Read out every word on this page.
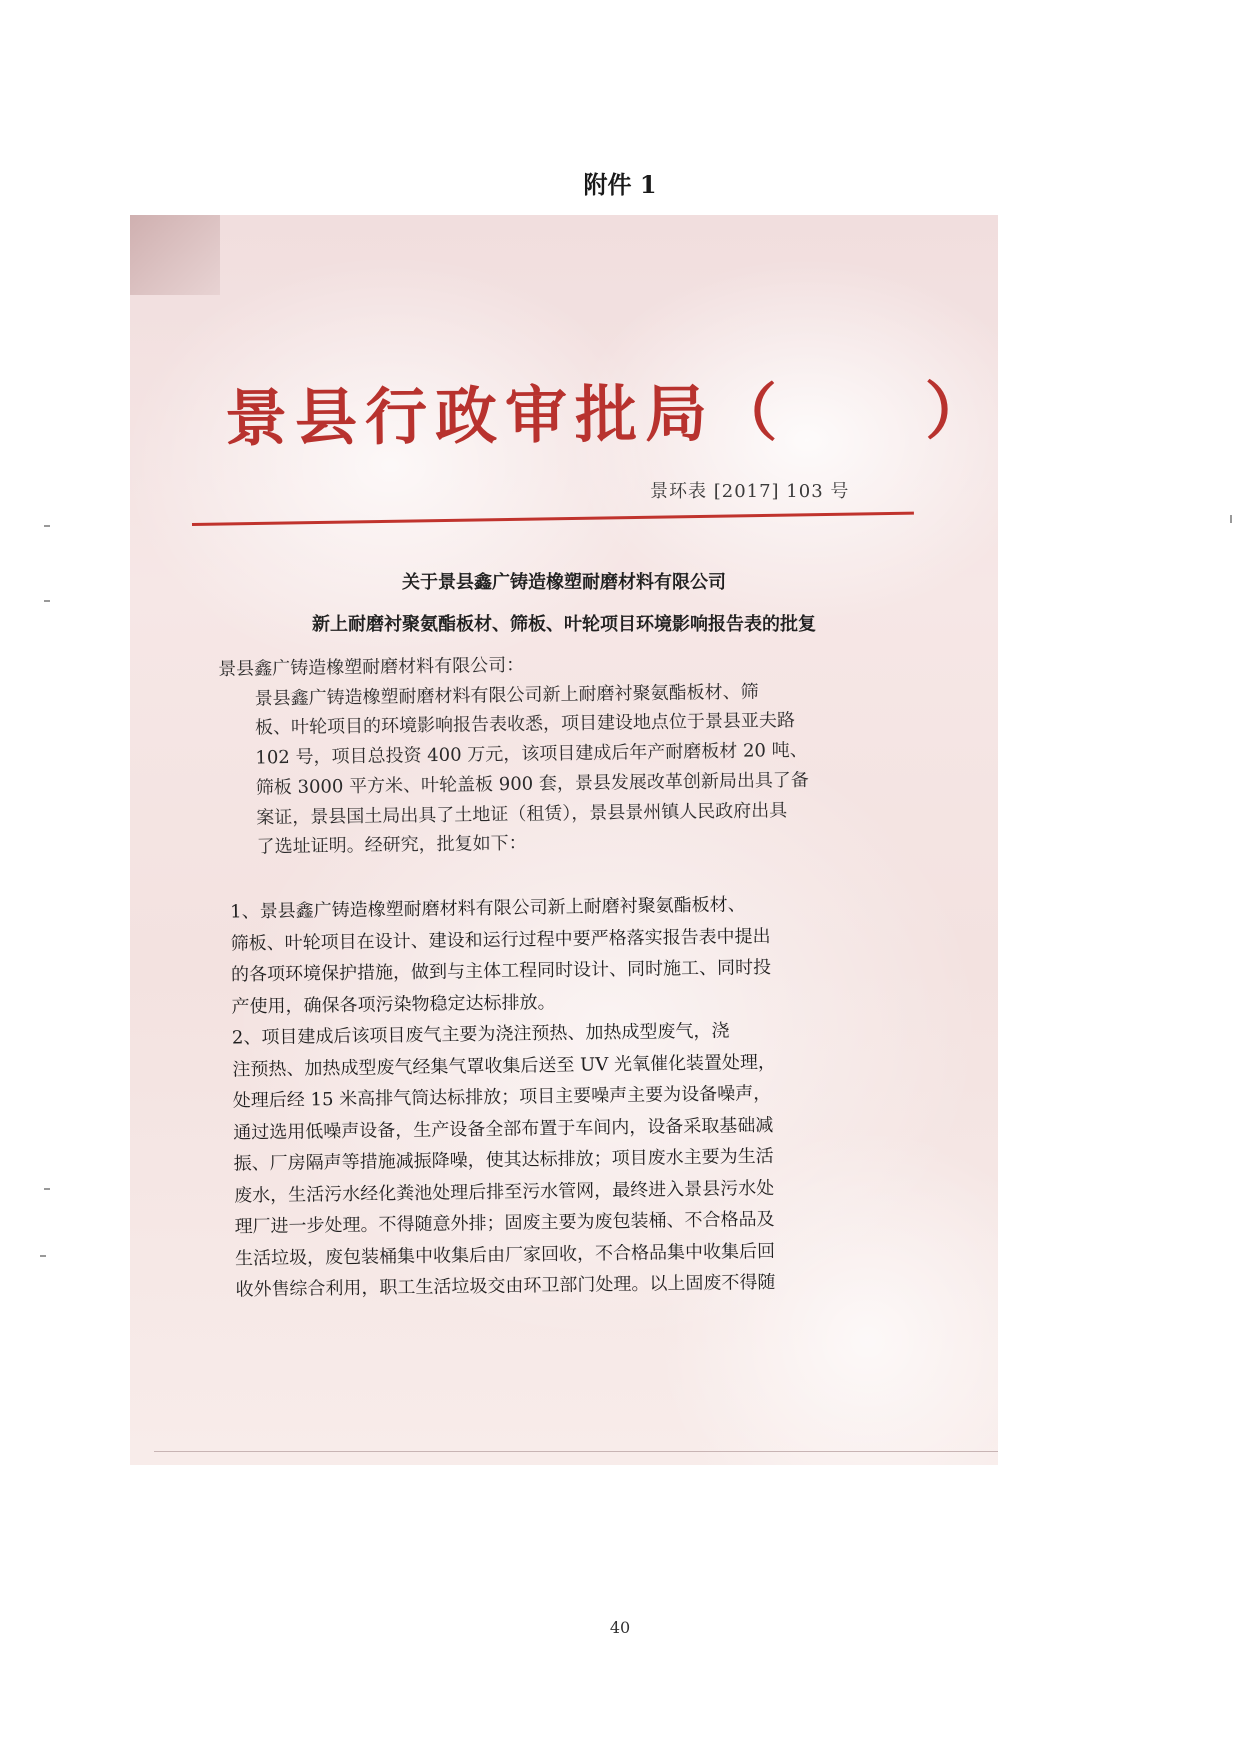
附件 1
景县行政审批局（　　）
景环表 [2017] 103 号
关于景县鑫广铸造橡塑耐磨材料有限公司
新上耐磨衬聚氨酯板材、筛板、叶轮项目环境影响报告表的批复

景县鑫广铸造橡塑耐磨材料有限公司：

景县鑫广铸造橡塑耐磨材料有限公司新上耐磨衬聚氨酯板材、筛
板、叶轮项目的环境影响报告表收悉，项目建设地点位于景县亚夫路
102 号，项目总投资 400 万元，该项目建成后年产耐磨板材 20 吨、
筛板 3000 平方米、叶轮盖板 900 套，景县发展改革创新局出具了备
案证，景县国土局出具了土地证（租赁），景县景州镇人民政府出具
了选址证明。经研究，批复如下：

1、景县鑫广铸造橡塑耐磨材料有限公司新上耐磨衬聚氨酯板材、
筛板、叶轮项目在设计、建设和运行过程中要严格落实报告表中提出
的各项环境保护措施，做到与主体工程同时设计、同时施工、同时投
产使用，确保各项污染物稳定达标排放。

2、项目建成后该项目废气主要为浇注预热、加热成型废气，浇
注预热、加热成型废气经集气罩收集后送至 UV 光氧催化装置处理，
处理后经 15 米高排气筒达标排放；项目主要噪声主要为设备噪声，
通过选用低噪声设备，生产设备全部布置于车间内，设备采取基础减
振、厂房隔声等措施减振降噪，使其达标排放；项目废水主要为生活
废水，生活污水经化粪池处理后排至污水管网，最终进入景县污水处
理厂进一步处理。不得随意外排；固废主要为废包装桶、不合格品及
生活垃圾，废包装桶集中收集后由厂家回收，不合格品集中收集后回
收外售综合利用，职工生活垃圾交由环卫部门处理。以上固废不得随

40
